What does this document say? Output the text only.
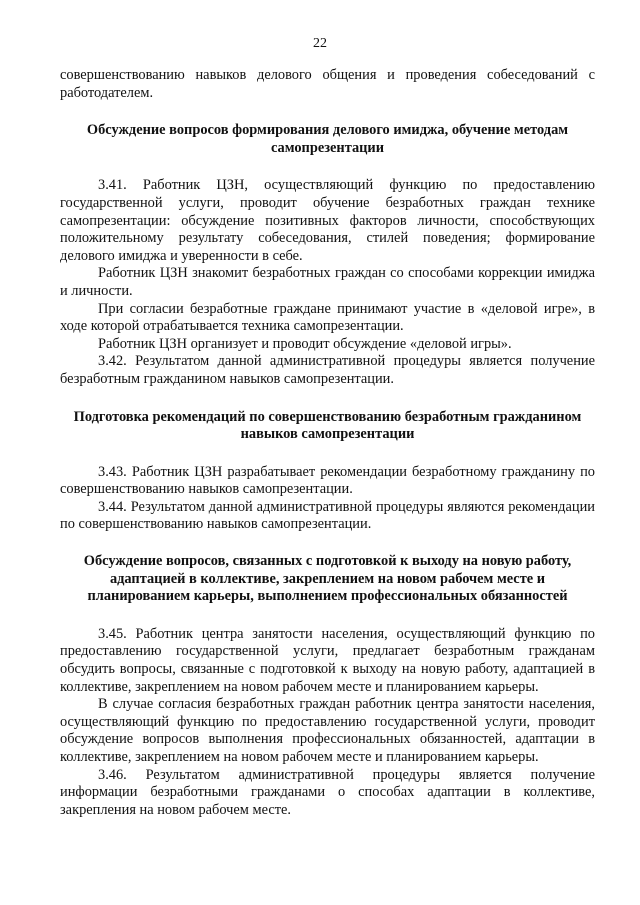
22

совершенствованию навыков делового общения и проведения собеседований с работодателем.

Обсуждение вопросов формирования делового имиджа, обучение методам самопрезентации

3.41. Работник ЦЗН, осуществляющий функцию по предоставлению государственной услуги, проводит обучение безработных граждан технике самопрезентации: обсуждение позитивных факторов личности, способствующих положительному результату собеседования, стилей поведения; формирование делового имиджа и уверенности в себе.

Работник ЦЗН знакомит безработных граждан со способами коррекции имиджа и личности.

При согласии безработные граждане принимают участие в «деловой игре», в ходе которой отрабатывается техника самопрезентации.

Работник ЦЗН организует и проводит обсуждение «деловой игры».

3.42. Результатом данной административной процедуры является получение безработным гражданином навыков самопрезентации.

Подготовка рекомендаций по совершенствованию безработным гражданином навыков самопрезентации

3.43. Работник ЦЗН разрабатывает рекомендации безработному гражданину по совершенствованию навыков самопрезентации.

3.44. Результатом данной административной процедуры являются рекомендации по совершенствованию навыков самопрезентации.

Обсуждение вопросов, связанных с подготовкой к выходу на новую работу, адаптацией в коллективе, закреплением на новом рабочем месте и планированием карьеры, выполнением профессиональных обязанностей

3.45. Работник центра занятости населения, осуществляющий функцию по предоставлению государственной услуги, предлагает безработным гражданам обсудить вопросы, связанные с подготовкой к выходу на новую работу, адаптацией в коллективе, закреплением на новом рабочем месте и планированием карьеры.

В случае согласия безработных граждан работник центра занятости населения, осуществляющий функцию по предоставлению государственной услуги, проводит обсуждение вопросов выполнения профессиональных обязанностей, адаптации в коллективе, закреплением на новом рабочем месте и планированием карьеры.

3.46. Результатом административной процедуры является получение информации безработными гражданами о способах адаптации в коллективе, закрепления на новом рабочем месте.
